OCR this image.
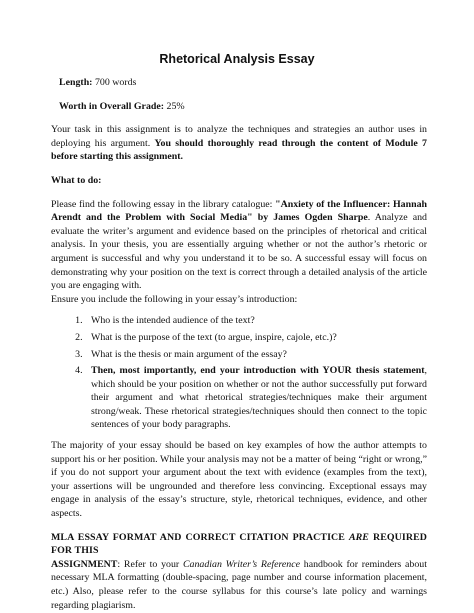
Rhetorical Analysis Essay

Length: 700 words

Worth in Overall Grade: 25%

Your task in this assignment is to analyze the techniques and strategies an author uses in deploying his argument. You should thoroughly read through the content of Module 7 before starting this assignment.

What to do:

Please find the following essay in the library catalogue: "Anxiety of the Influencer: Hannah Arendt and the Problem with Social Media" by James Ogden Sharpe. Analyze and evaluate the writer’s argument and evidence based on the principles of rhetorical and critical analysis. In your thesis, you are essentially arguing whether or not the author’s rhetoric or argument is successful and why you understand it to be so. A successful essay will focus on demonstrating why your position on the text is correct through a detailed analysis of the article you are engaging with.

Ensure you include the following in your essay’s introduction:

1. Who is the intended audience of the text?
2. What is the purpose of the text (to argue, inspire, cajole, etc.)?
3. What is the thesis or main argument of the essay?
4. Then, most importantly, end your introduction with YOUR thesis statement, which should be your position on whether or not the author successfully put forward their argument and what rhetorical strategies/techniques make their argument strong/weak. These rhetorical strategies/techniques should then connect to the topic sentences of your body paragraphs.

The majority of your essay should be based on key examples of how the author attempts to support his or her position. While your analysis may not be a matter of being “right or wrong,” if you do not support your argument about the text with evidence (examples from the text), your assertions will be ungrounded and therefore less convincing. Exceptional essays may engage in analysis of the essay’s structure, style, rhetorical techniques, evidence, and other aspects.

MLA ESSAY FORMAT AND CORRECT CITATION PRACTICE ARE REQUIRED FOR THIS

ASSIGNMENT: Refer to your Canadian Writer’s Reference handbook for reminders about necessary MLA formatting (double-spacing, page number and course information placement, etc.) Also, please refer to the course syllabus for this course’s late policy and warnings regarding plagiarism.
